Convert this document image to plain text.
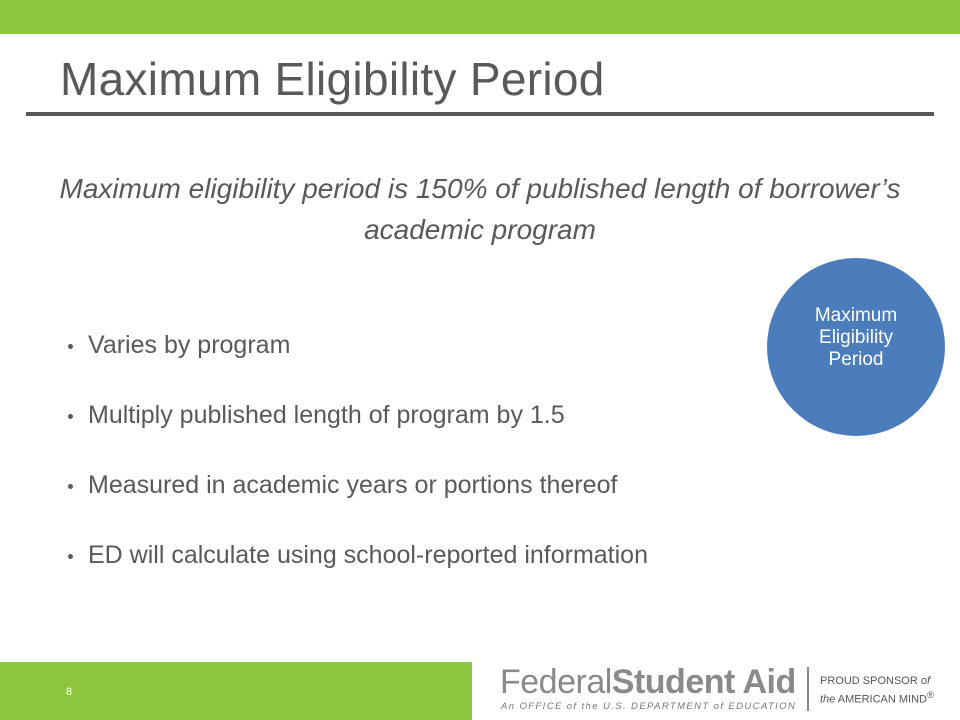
Maximum Eligibility Period
Maximum eligibility period is 150% of published length of borrower’s academic program
Varies by program
Multiply published length of program by 1.5
Measured in academic years or portions thereof
ED will calculate using school-reported information
Maximum Eligibility Period
8	FederalStudent Aid
An OFFICE of the U.S. DEPARTMENT of EDUCATION
PROUD SPONSOR of
the AMERICAN MIND®
